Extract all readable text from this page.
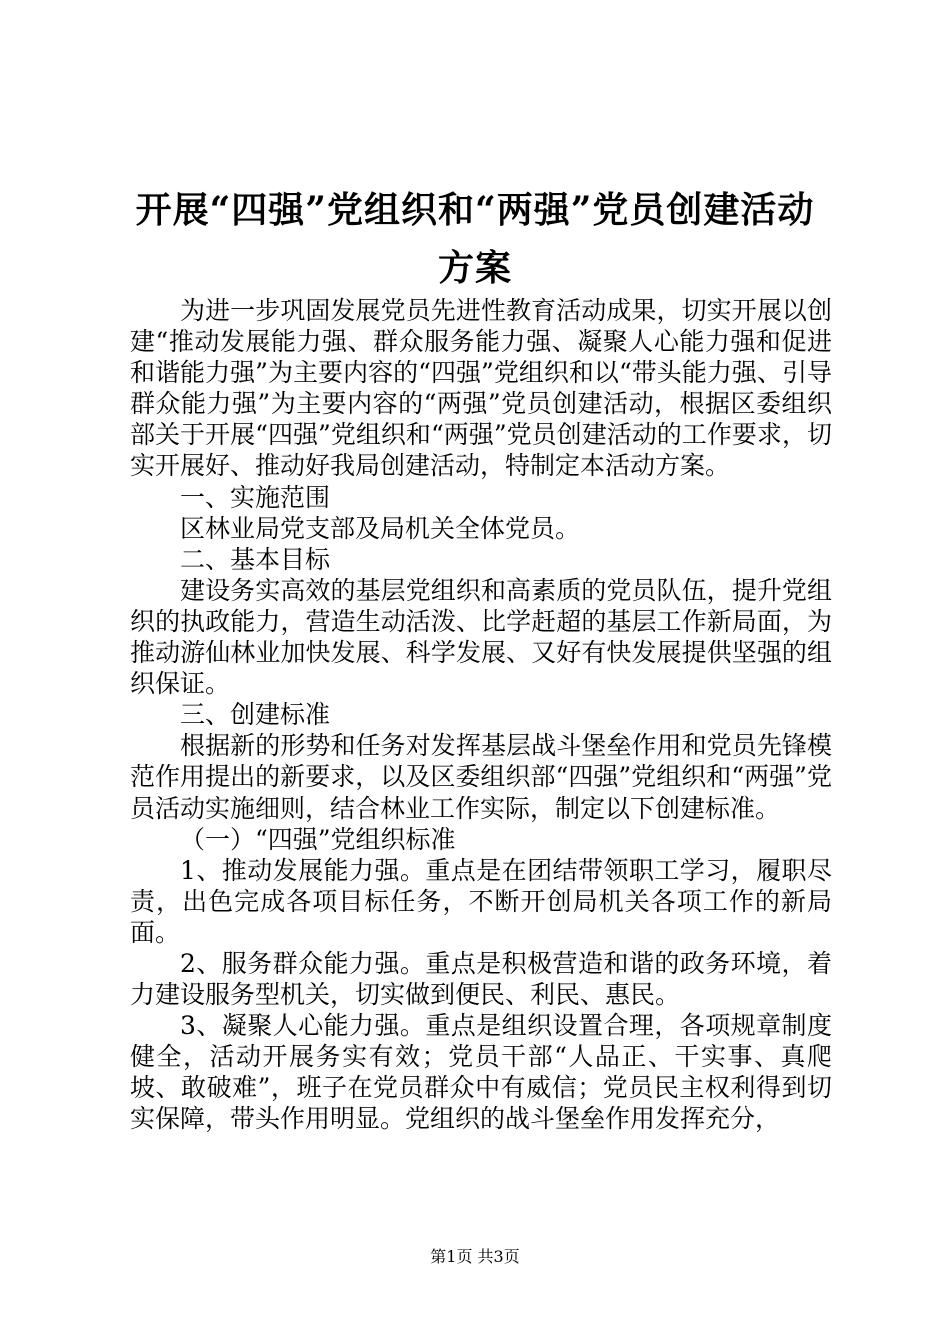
开展“四强”党组织和“两强”党员创建活动
方案

为进一步巩固发展党员先进性教育活动成果，切实开展以创建“推动发展能力强、群众服务能力强、凝聚人心能力强和促进和谐能力强”为主要内容的“四强”党组织和以“带头能力强、引导群众能力强”为主要内容的“两强”党员创建活动，根据区委组织部关于开展“四强”党组织和“两强”党员创建活动的工作要求，切实开展好、推动好我局创建活动，特制定本活动方案。

一、实施范围

区林业局党支部及局机关全体党员。

二、基本目标

建设务实高效的基层党组织和高素质的党员队伍，提升党组织的执政能力，营造生动活泼、比学赶超的基层工作新局面，为推动游仙林业加快发展、科学发展、又好有快发展提供坚强的组织保证。

三、创建标准

根据新的形势和任务对发挥基层战斗堡垒作用和党员先锋模范作用提出的新要求，以及区委组织部“四强”党组织和“两强”党员活动实施细则，结合林业工作实际，制定以下创建标准。

（一）“四强”党组织标准

1、推动发展能力强。重点是在团结带领职工学习，履职尽责，出色完成各项目标任务，不断开创局机关各项工作的新局面。

2、服务群众能力强。重点是积极营造和谐的政务环境，着力建设服务型机关，切实做到便民、利民、惠民。

3、凝聚人心能力强。重点是组织设置合理，各项规章制度健全，活动开展务实有效；党员干部“人品正、干实事、真爬坡、敢破难”，班子在党员群众中有威信；党员民主权利得到切实保障，带头作用明显。党组织的战斗堡垒作用发挥充分，

第1页 共3页
